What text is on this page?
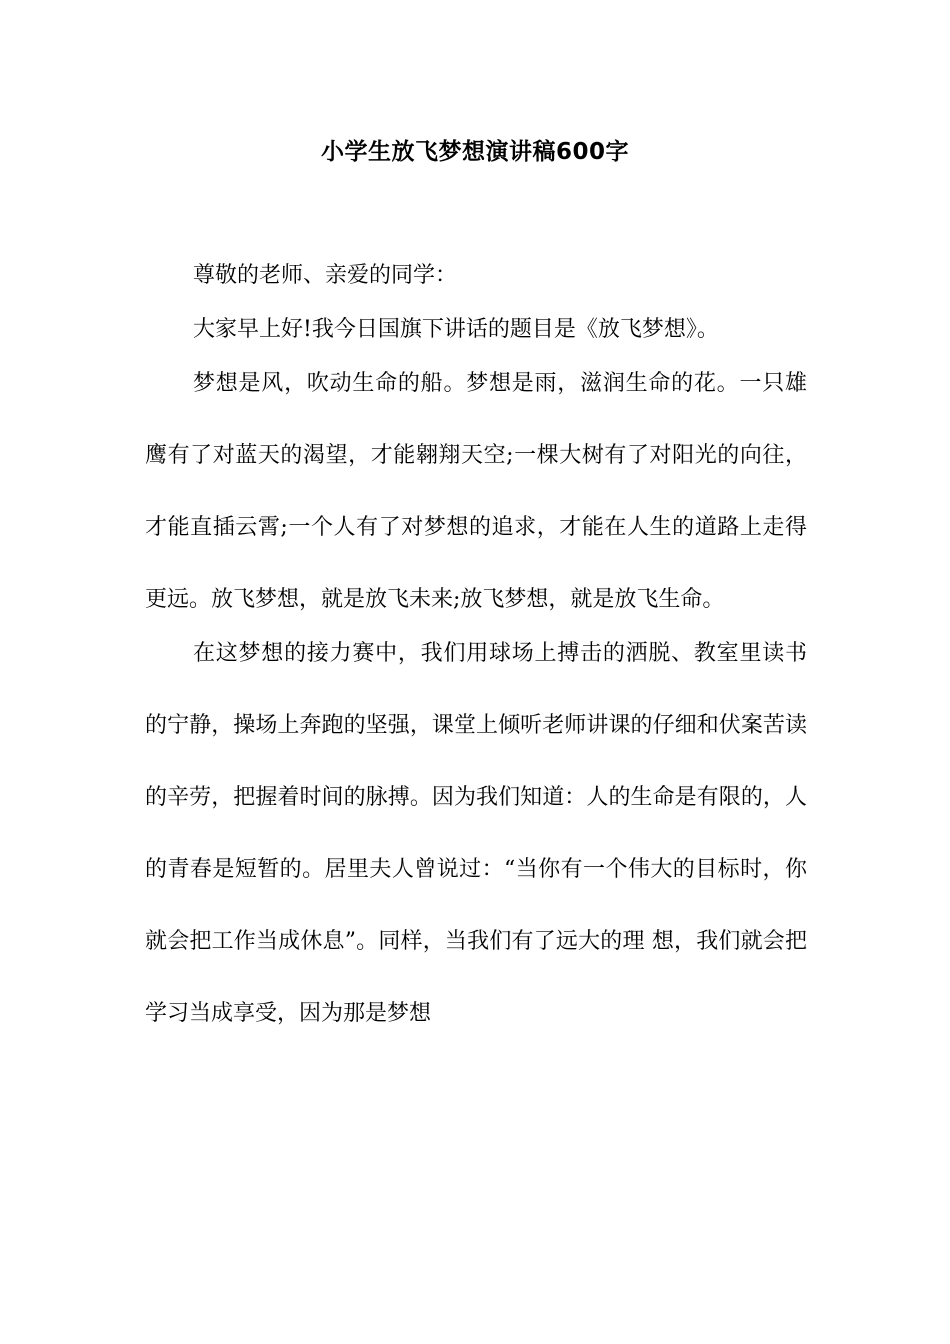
小学生放飞梦想演讲稿600字

尊敬的老师、亲爱的同学：

大家早上好!我今日国旗下讲话的题目是《放飞梦想》。

梦想是风，吹动生命的船。梦想是雨，滋润生命的花。一只雄鹰有了对蓝天的渴望，才能翱翔天空;一棵大树有了对阳光的向往，才能直插云霄;一个人有了对梦想的追求，才能在人生的道路上走得更远。放飞梦想，就是放飞未来;放飞梦想，就是放飞生命。

在这梦想的接力赛中，我们用球场上搏击的洒脱、教室里读书的宁静，操场上奔跑的坚强，课堂上倾听老师讲课的仔细和伏案苦读的辛劳，把握着时间的脉搏。因为我们知道：人的生命是有限的，人的青春是短暂的。居里夫人曾说过：“当你有一个伟大的目标时，你就会把工作当成休息”。同样，当我们有了远大的理 想，我们就会把学习当成享受，因为那是梦想
